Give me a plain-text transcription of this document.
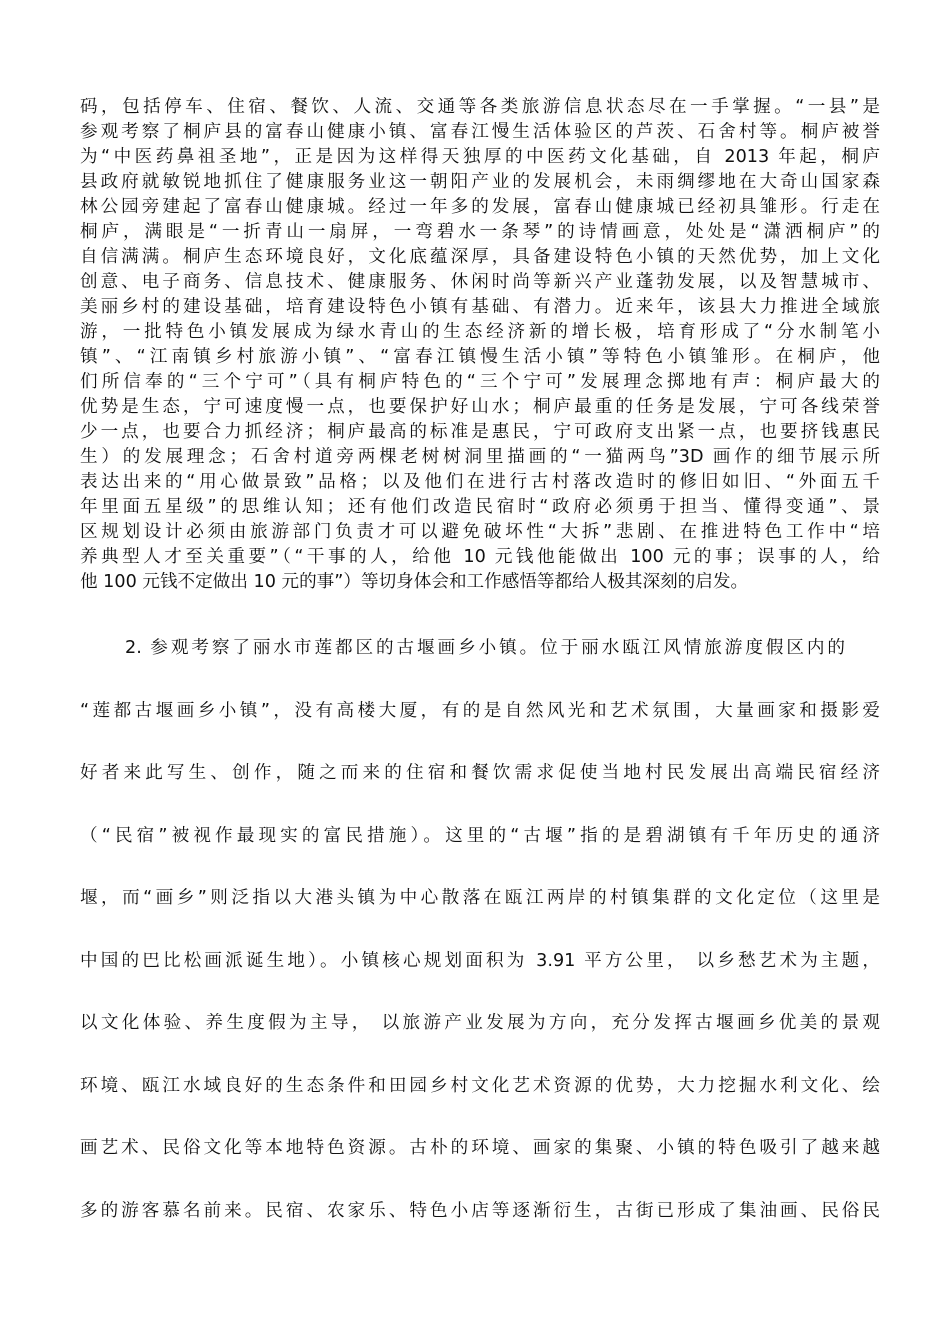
码，包括停车、住宿、餐饮、人流、交通等各类旅游信息状态尽在一手掌握。“一县”是
参观考察了桐庐县的富春山健康小镇、富春江慢生活体验区的芦茨、石舍村等。桐庐被誉
为“中医药鼻祖圣地”，正是因为这样得天独厚的中医药文化基础，自 2013 年起，桐庐
县政府就敏锐地抓住了健康服务业这一朝阳产业的发展机会，未雨绸缪地在大奇山国家森
林公园旁建起了富春山健康城。经过一年多的发展，富春山健康城已经初具雏形。行走在
桐庐，满眼是“一折青山一扇屏，一弯碧水一条琴”的诗情画意，处处是“潇洒桐庐”的
自信满满。桐庐生态环境良好，文化底蕴深厚，具备建设特色小镇的天然优势，加上文化
创意、电子商务、信息技术、健康服务、休闲时尚等新兴产业蓬勃发展，以及智慧城市、
美丽乡村的建设基础，培育建设特色小镇有基础、有潜力。近来年，该县大力推进全域旅
游，一批特色小镇发展成为绿水青山的生态经济新的增长极，培育形成了“分水制笔小
镇”、“江南镇乡村旅游小镇”、“富春江镇慢生活小镇”等特色小镇雏形。在桐庐，他
们所信奉的“三个宁可”（具有桐庐特色的“三个宁可”发展理念掷地有声：桐庐最大的
优势是生态，宁可速度慢一点，也要保护好山水；桐庐最重的任务是发展，宁可各线荣誉
少一点，也要合力抓经济；桐庐最高的标准是惠民，宁可政府支出紧一点，也要挤钱惠民
生）的发展理念；石舍村道旁两棵老树树洞里描画的“一猫两鸟”3D 画作的细节展示所
表达出来的“用心做景致”品格；以及他们在进行古村落改造时的修旧如旧、“外面五千
年里面五星级”的思维认知；还有他们改造民宿时“政府必须勇于担当、懂得变通”、景
区规划设计必须由旅游部门负责才可以避免破坏性“大拆”悲剧、在推进特色工作中“培
养典型人才至关重要”（“干事的人，给他 10 元钱他能做出 100 元的事；误事的人，给
他 100 元钱不定做出 10 元的事”）等切身体会和工作感悟等都给人极其深刻的启发。
2. 参观考察了丽水市莲都区的古堰画乡小镇。位于丽水瓯江风情旅游度假区内的
“莲都古堰画乡小镇”，没有高楼大厦，有的是自然风光和艺术氛围，大量画家和摄影爱
好者来此写生、创作，随之而来的住宿和餐饮需求促使当地村民发展出高端民宿经济
（“民宿”被视作最现实的富民措施）。这里的“古堰”指的是碧湖镇有千年历史的通济
堰，而“画乡”则泛指以大港头镇为中心散落在瓯江两岸的村镇集群的文化定位（这里是
中国的巴比松画派诞生地）。小镇核心规划面积为 3.91 平方公里， 以乡愁艺术为主题，
以文化体验、养生度假为主导， 以旅游产业发展为方向，充分发挥古堰画乡优美的景观
环境、瓯江水域良好的生态条件和田园乡村文化艺术资源的优势，大力挖掘水利文化、绘
画艺术、民俗文化等本地特色资源。古朴的环境、画家的集聚、小镇的特色吸引了越来越
多的游客慕名前来。民宿、农家乐、特色小店等逐渐衍生，古街已形成了集油画、民俗民
